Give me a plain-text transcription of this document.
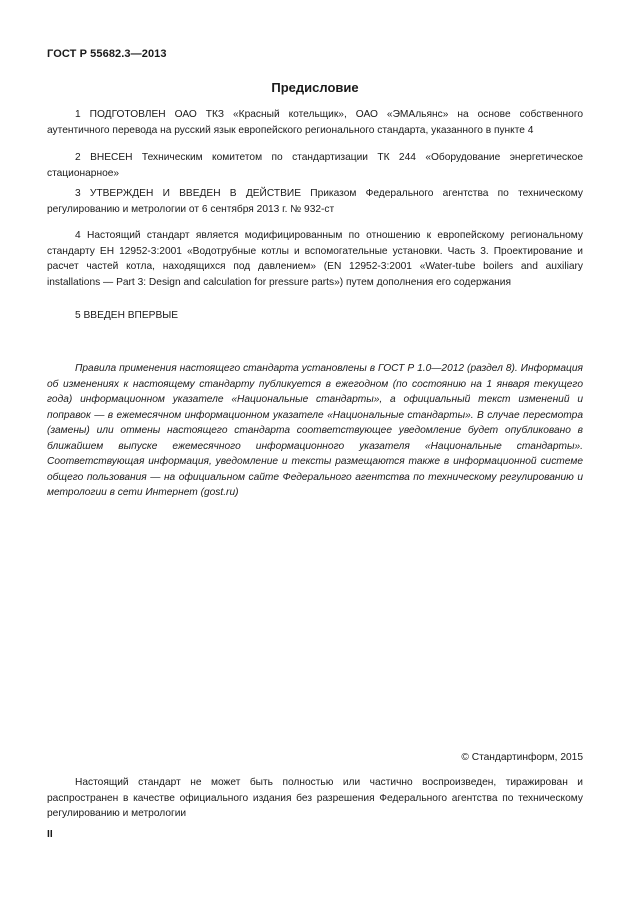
ГОСТ Р 55682.3—2013
Предисловие
1 ПОДГОТОВЛЕН ОАО ТКЗ «Красный котельщик», ОАО «ЭМАльянс» на основе собственного аутентичного перевода на русский язык европейского регионального стандарта, указанного в пункте 4
2 ВНЕСЕН Техническим комитетом по стандартизации ТК 244 «Оборудование энергетическое стационарное»
3 УТВЕРЖДЕН И ВВЕДЕН В ДЕЙСТВИЕ Приказом Федерального агентства по техническому регулированию и метрологии от 6 сентября 2013 г. № 932-ст
4 Настоящий стандарт является модифицированным по отношению к европейскому региональному стандарту ЕН 12952-3:2001 «Водотрубные котлы и вспомогательные установки. Часть 3. Проектирование и расчет частей котла, находящихся под давлением» (EN 12952-3:2001 «Water-tube boilers and auxiliary installations — Part 3: Design and calculation for pressure parts») путем дополнения его содержания
5 ВВЕДЕН ВПЕРВЫЕ
Правила применения настоящего стандарта установлены в ГОСТ Р 1.0—2012 (раздел 8). Информация об изменениях к настоящему стандарту публикуется в ежегодном (по состоянию на 1 января текущего года) информационном указателе «Национальные стандарты», а официальный текст изменений и поправок — в ежемесячном информационном указателе «Национальные стандарты». В случае пересмотра (замены) или отмены настоящего стандарта соответствующее уведомление будет опубликовано в ближайшем выпуске ежемесячного информационного указателя «Национальные стандарты». Соответствующая информация, уведомление и тексты размещаются также в информационной системе общего пользования — на официальном сайте Федерального агентства по техническому регулированию и метрологии в сети Интернет (gost.ru)
© Стандартинформ, 2015
Настоящий стандарт не может быть полностью или частично воспроизведен, тиражирован и распространен в качестве официального издания без разрешения Федерального агентства по техническому регулированию и метрологии
II
